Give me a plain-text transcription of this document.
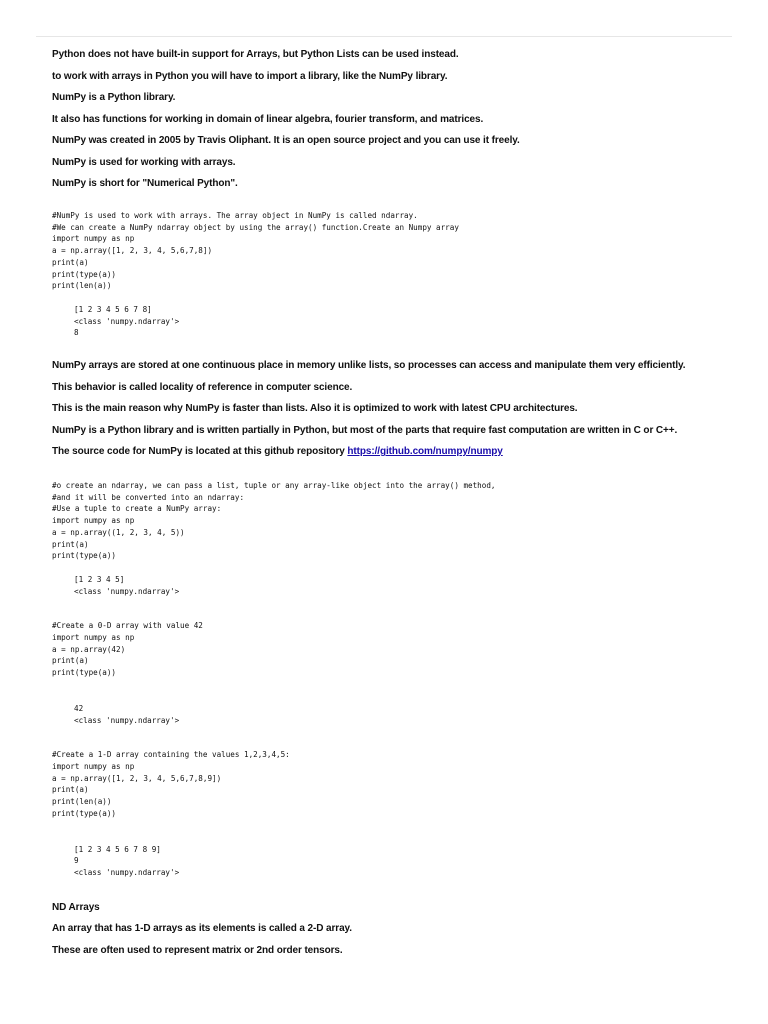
Python does not have built-in support for Arrays, but Python Lists can be used instead.

to work with arrays in Python you will have to import a library, like the NumPy library.

NumPy is a Python library.

It also has functions for working in domain of linear algebra, fourier transform, and matrices.

NumPy was created in 2005 by Travis Oliphant. It is an open source project and you can use it freely.

NumPy is used for working with arrays.

NumPy is short for "Numerical Python".

#NumPy is used to work with arrays. The array object in NumPy is called ndarray.
#We can create a NumPy ndarray object by using the array() function.Create an Numpy array
import numpy as np
a = np.array([1, 2, 3, 4, 5,6,7,8])
print(a)
print(type(a))
print(len(a))
[1 2 3 4 5 6 7 8]
<class 'numpy.ndarray'>
8

NumPy arrays are stored at one continuous place in memory unlike lists, so processes can access and manipulate them very efficiently.

This behavior is called locality of reference in computer science.

This is the main reason why NumPy is faster than lists. Also it is optimized to work with latest CPU architectures.

NumPy is a Python library and is written partially in Python, but most of the parts that require fast computation are written in C or C++.

The source code for NumPy is located at this github repository https://github.com/numpy/numpy

#o create an ndarray, we can pass a list, tuple or any array-like object into the array() method,
#and it will be converted into an ndarray:
#Use a tuple to create a NumPy array:
import numpy as np
a = np.array((1, 2, 3, 4, 5))
print(a)
print(type(a))
[1 2 3 4 5]
<class 'numpy.ndarray'>
#Create a 0-D array with value 42
import numpy as np
a = np.array(42)
print(a)
print(type(a))
42
<class 'numpy.ndarray'>
#Create a 1-D array containing the values 1,2,3,4,5:
import numpy as np
a = np.array([1, 2, 3, 4, 5,6,7,8,9])
print(a)
print(len(a))
print(type(a))
[1 2 3 4 5 6 7 8 9]
9
<class 'numpy.ndarray'>

ND Arrays

An array that has 1-D arrays as its elements is called a 2-D array.

These are often used to represent matrix or 2nd order tensors.
